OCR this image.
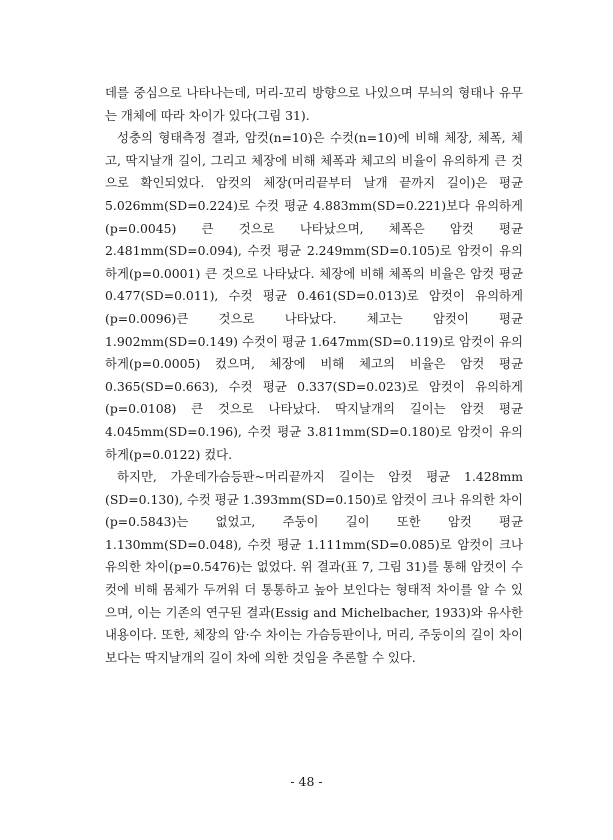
데를 중심으로 나타나는데, 머리-꼬리 방향으로 나있으며 무늬의 형태나 유무는 개체에 따라 차이가 있다(그림 31).

성충의 형태측정 결과, 암컷(n=10)은 수컷(n=10)에 비해 체장, 체폭, 체고, 딱지날개 길이, 그리고 체장에 비해 체폭과 체고의 비율이 유의하게 큰 것으로 확인되었다. 암컷의 체장(머리끝부터 날개 끝까지 길이)은 평균 5.026mm(SD=0.224)로 수컷 평균 4.883mm(SD=0.221)보다 유의하게(p=0.0045) 큰 것으로 나타났으며, 체폭은 암컷 평균 2.481mm(SD=0.094), 수컷 평균 2.249mm(SD=0.105)로 암컷이 유의하게(p=0.0001) 큰 것으로 나타났다. 체장에 비해 체폭의 비율은 암컷 평균 0.477(SD=0.011), 수컷 평균 0.461(SD=0.013)로 암컷이 유의하게(p=0.0096)큰 것으로 나타났다. 체고는 암컷이 평균 1.902mm(SD=0.149) 수컷이 평균 1.647mm(SD=0.119)로 암컷이 유의하게(p=0.0005) 컸으며, 체장에 비해 체고의 비율은 암컷 평균 0.365(SD=0.663), 수컷 평균 0.337(SD=0.023)로 암컷이 유의하게(p=0.0108) 큰 것으로 나타났다. 딱지날개의 길이는 암컷 평균 4.045mm(SD=0.196), 수컷 평균 3.811mm(SD=0.180)로 암컷이 유의하게(p=0.0122) 컸다.

하지만, 가운데가슴등판~머리끝까지 길이는 암컷 평균 1.428mm (SD=0.130), 수컷 평균 1.393mm(SD=0.150)로 암컷이 크나 유의한 차이(p=0.5843)는 없었고, 주둥이 길이 또한 암컷 평균 1.130mm(SD=0.048), 수컷 평균 1.111mm(SD=0.085)로 암컷이 크나 유의한 차이(p=0.5476)는 없었다. 위 결과(표 7, 그림 31)를 통해 암컷이 수컷에 비해 몸체가 두꺼워 더 통통하고 높아 보인다는 형태적 차이를 알 수 있으며, 이는 기존의 연구된 결과(Essig and Michelbacher, 1933)와 유사한 내용이다. 또한, 체장의 암·수 차이는 가슴등판이나, 머리, 주둥이의 길이 차이보다는 딱지날개의 길이 차에 의한 것임을 추론할 수 있다.

- 48 -
